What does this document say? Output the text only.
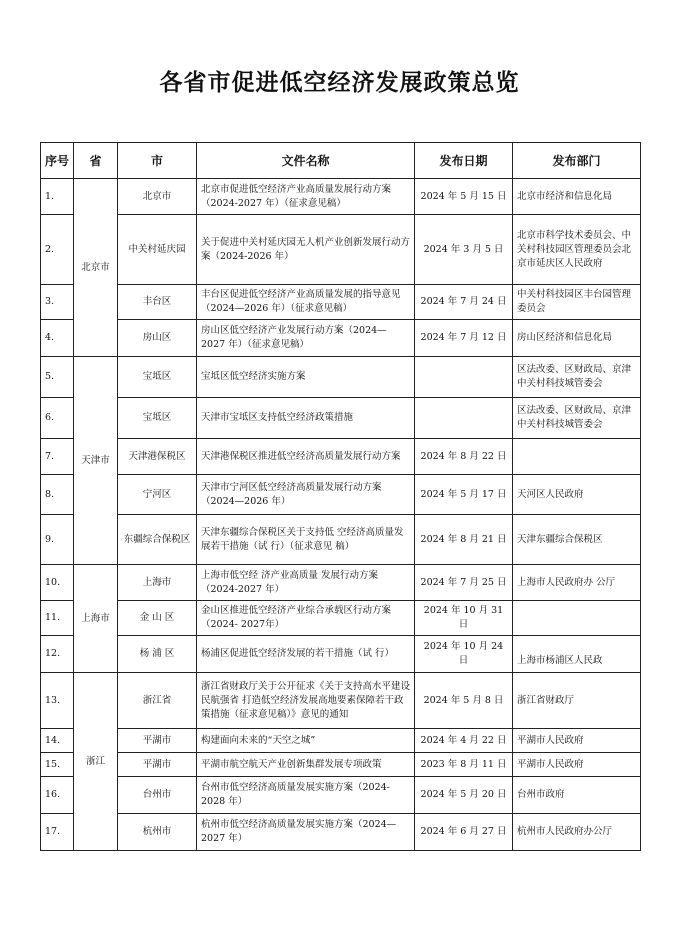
各省市促进低空经济发展政策总览
序号	省	市	文件名称	发布日期	发布部门
1.	北京市	北京市	北京市促进低空经济产业高质量发展行动方案（2024-2027 年）（征求意见稿）	2024 年 5 月 15 日	北京市经济和信息化局
2.		中关村延庆园	关于促进中关村延庆园无人机产业创新发展行动方案（2024-2026 年）	2024 年 3 月 5 日	北京市科学技术委员会、中关村科技园区管理委员会北京市延庆区人民政府
3.		丰台区	丰台区促进低空经济产业高质量发展的指导意见（2024—2026 年）（征求意见稿）	2024 年 7 月 24 日	中关村科技园区丰台园管理委员会
4.		房山区	房山区低空经济产业发展行动方案（2024—2027 年）（征求意见稿）	2024 年 7 月 12 日	房山区经济和信息化局
5.	天津市	宝坻区	宝坻区低空经济实施方案		区法改委、区财政局、京津中关村科技城管委会
6.		宝坻区	天津市宝坻区支持低空经济政策措施		区法改委、区财政局、京津中关村科技城管委会
7.		天津港保税区	天津港保税区推进低空经济高质量发展行动方案	2024 年 8 月 22 日	
8.		宁河区	天津市宁河区低空经济高质量发展行动方案（2024—2026 年）	2024 年 5 月 17 日	天河区人民政府
9.		东疆综合保税区	天津东疆综合保税区关于支持低 空经济高质量发 展若干措施（试 行）（征求意见 稿）	2024 年 8 月 21 日	天津东疆综合保税区
10.	上海市	上海市	上海市低空经 济产业高质量 发展行动方案（2024-2027 年）	2024 年 7 月 25 日	上海市人民政府办 公厅
11.		金 山 区	金山区推进低空经济产业综合承载区行动方案（2024- 2027年）	2024 年 10 月 31 日	
12.		杨 浦 区	杨浦区促进低空经济发展的若干措施（试 行）	2024 年 10 月 24 日	上海市杨浦区人民政
13.	浙江	浙江省	浙江省财政厅关于公开征求《关于支持高水平建设民航强省 打造低空经济发展高地要素保障若干政策措施（征求意见稿）》意见的通知	2024 年 5 月 8 日	浙江省财政厅
14.		平湖市	构建面向未来的“天空之城”	2024 年 4 月 22 日	平湖市人民政府
15.		平湖市	平湖市航空航天产业创新集群发展专项政策	2023 年 8 月 11 日	平湖市人民政府
16.		台州市	台州市低空经济高质量发展实施方案（2024-2028 年）	2024 年 5 月 20 日	台州市政府
17.		杭州市	杭州市低空经济高质量发展实施方案（2024— 2027 年）	2024 年 6 月 27 日	杭州市人民政府办公厅
